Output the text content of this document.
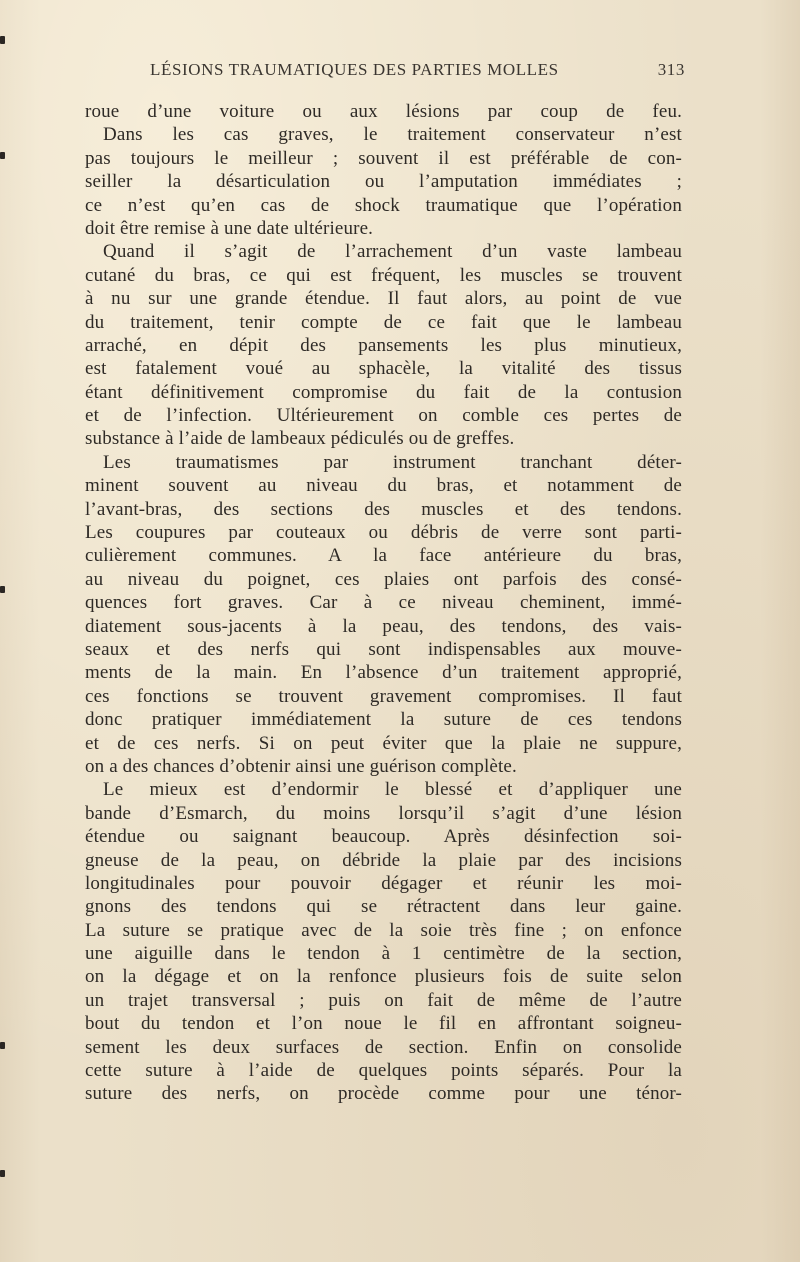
LÉSIONS TRAUMATIQUES DES PARTIES MOLLES	313
roue d’une voiture ou aux lésions par coup de feu.
Dans les cas graves, le traitement conservateur n’est
pas toujours le meilleur ; souvent il est préférable de con-
seiller la désarticulation ou l’amputation immédiates ;
ce n’est qu’en cas de shock traumatique que l’opération
doit être remise à une date ultérieure.
Quand il s’agit de l’arrachement d’un vaste lambeau
cutané du bras, ce qui est fréquent, les muscles se trouvent
à nu sur une grande étendue. Il faut alors, au point de vue
du traitement, tenir compte de ce fait que le lambeau
arraché, en dépit des pansements les plus minutieux,
est fatalement voué au sphacèle, la vitalité des tissus
étant définitivement compromise du fait de la contusion
et de l’infection. Ultérieurement on comble ces pertes de
substance à l’aide de lambeaux pédiculés ou de greffes.
Les traumatismes par instrument tranchant déter-
minent souvent au niveau du bras, et notamment de
l’avant-bras, des sections des muscles et des tendons.
Les coupures par couteaux ou débris de verre sont parti-
culièrement communes. A la face antérieure du bras,
au niveau du poignet, ces plaies ont parfois des consé-
quences fort graves. Car à ce niveau cheminent, immé-
diatement sous-jacents à la peau, des tendons, des vais-
seaux et des nerfs qui sont indispensables aux mouve-
ments de la main. En l’absence d’un traitement approprié,
ces fonctions se trouvent gravement compromises. Il faut
donc pratiquer immédiatement la suture de ces tendons
et de ces nerfs. Si on peut éviter que la plaie ne suppure,
on a des chances d’obtenir ainsi une guérison complète.
Le mieux est d’endormir le blessé et d’appliquer une
bande d’Esmarch, du moins lorsqu’il s’agit d’une lésion
étendue ou saignant beaucoup. Après désinfection soi-
gneuse de la peau, on débride la plaie par des incisions
longitudinales pour pouvoir dégager et réunir les moi-
gnons des tendons qui se rétractent dans leur gaine.
La suture se pratique avec de la soie très fine ; on enfonce
une aiguille dans le tendon à 1 centimètre de la section,
on la dégage et on la renfonce plusieurs fois de suite selon
un trajet transversal ; puis on fait de même de l’autre
bout du tendon et l’on noue le fil en affrontant soigneu-
sement les deux surfaces de section. Enfin on consolide
cette suture à l’aide de quelques points séparés. Pour la
suture des nerfs, on procède comme pour une ténor-
